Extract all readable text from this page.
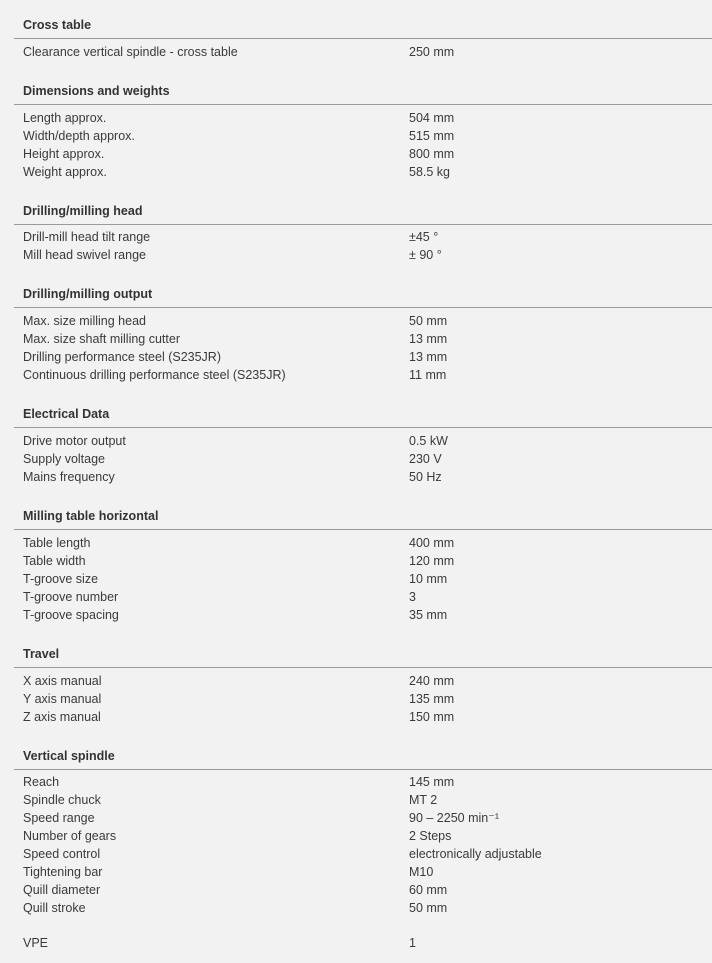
Cross table
Clearance vertical spindle - cross table	250 mm
Dimensions and weights
Length approx.	504 mm
Width/depth approx.	515 mm
Height approx.	800 mm
Weight approx.	58.5 kg
Drilling/milling head
Drill-mill head tilt range	±45 °
Mill head swivel range	± 90 °
Drilling/milling output
Max. size milling head	50 mm
Max. size shaft milling cutter	13 mm
Drilling performance steel (S235JR)	13 mm
Continuous drilling performance steel (S235JR)	11 mm
Electrical Data
Drive motor output	0.5 kW
Supply voltage	230 V
Mains frequency	50 Hz
Milling table horizontal
Table length	400 mm
Table width	120 mm
T-groove size	10 mm
T-groove number	3
T-groove spacing	35 mm
Travel
X axis manual	240 mm
Y axis manual	135 mm
Z axis manual	150 mm
Vertical spindle
Reach	145 mm
Spindle chuck	MT 2
Speed range	90 – 2250 min⁻¹
Number of gears	2 Steps
Speed control	electronically adjustable
Tightening bar	M10
Quill diameter	60 mm
Quill stroke	50 mm
VPE	1
